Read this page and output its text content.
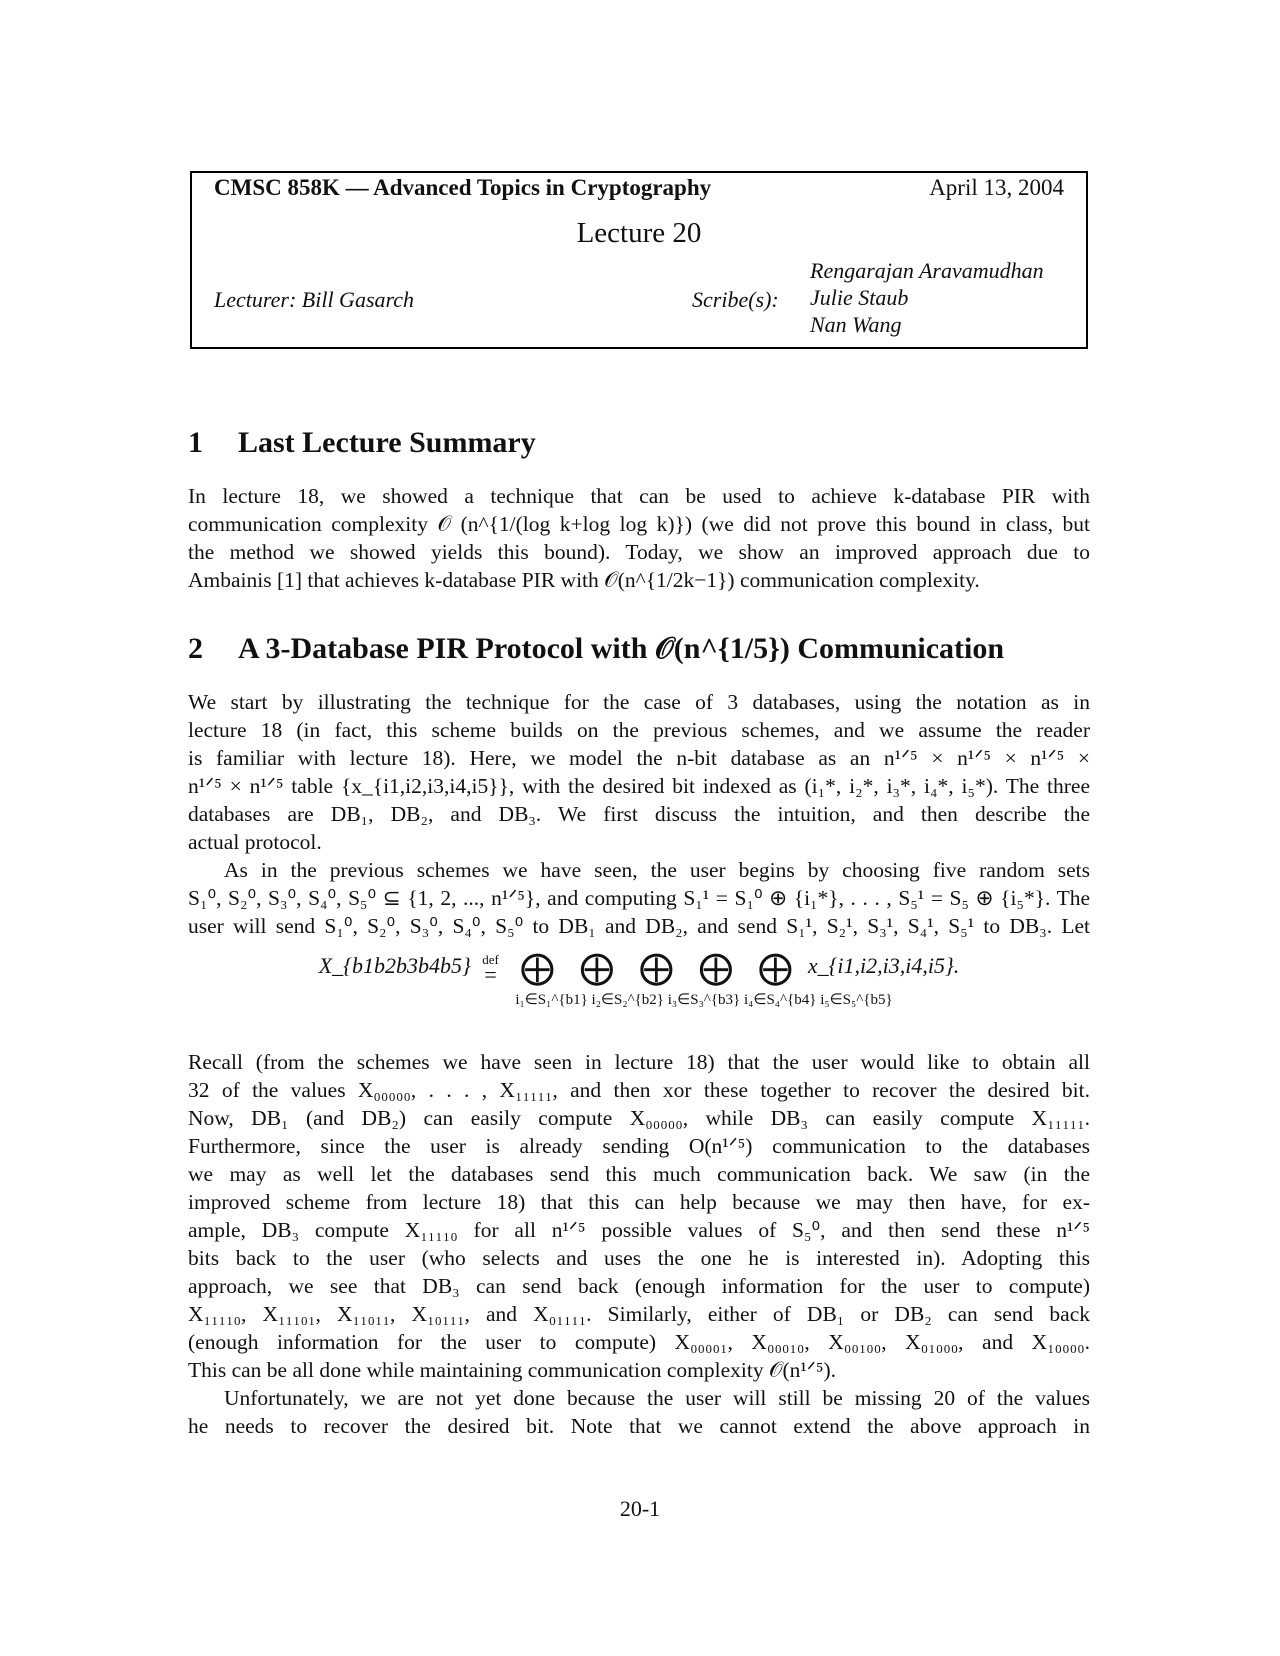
CMSC 858K — Advanced Topics in Cryptography	April 13, 2004
Lecture 20
Lecturer: Bill Gasarch	Scribe(s):
Rengarajan Aravamudhan
Julie Staub
Nan Wang
1 Last Lecture Summary
In lecture 18, we showed a technique that can be used to achieve k-database PIR with
communication complexity 𝒪 (n^{1/(log k+log log k)}) (we did not prove this bound in class, but
the method we showed yields this bound). Today, we show an improved approach due to
Ambainis [1] that achieves k-database PIR with 𝒪(n^{1/2k−1}) communication complexity.
2 A 3-Database PIR Protocol with 𝒪(n^{1/5}) Communication
We start by illustrating the technique for the case of 3 databases, using the notation as in
lecture 18 (in fact, this scheme builds on the previous schemes, and we assume the reader
is familiar with lecture 18). Here, we model the n-bit database as an n¹ᐟ⁵ × n¹ᐟ⁵ × n¹ᐟ⁵ ×
n¹ᐟ⁵ × n¹ᐟ⁵ table {x_{i1,i2,i3,i4,i5}}, with the desired bit indexed as (i₁*, i₂*, i₃*, i₄*, i₅*). The three
databases are DB₁, DB₂, and DB₃. We first discuss the intuition, and then describe the
actual protocol.
As in the previous schemes we have seen, the user begins by choosing five random sets
S₁⁰, S₂⁰, S₃⁰, S₄⁰, S₅⁰ ⊆ {1, 2, ..., n¹ᐟ⁵}, and computing S₁¹ = S₁⁰ ⊕ {i₁*}, . . . , S₅¹ = S₅ ⊕ {i₅*}. The
user will send S₁⁰, S₂⁰, S₃⁰, S₄⁰, S₅⁰ to DB₁ and DB₂, and send S₁¹, S₂¹, S₃¹, S₄¹, S₅¹ to DB₃. Let
X_{b1b2b3b4b5} def
= ⨁ ⨁ ⨁ ⨁ ⨁ x_{i1,i2,i3,i4,i5}.
i₁∈S₁^{b1} i₂∈S₂^{b2} i₃∈S₃^{b3} i₄∈S₄^{b4} i₅∈S₅^{b5}
Recall (from the schemes we have seen in lecture 18) that the user would like to obtain all
32 of the values X₀₀₀₀₀, . . . , X₁₁₁₁₁, and then xor these together to recover the desired bit.
Now, DB₁ (and DB₂) can easily compute X₀₀₀₀₀, while DB₃ can easily compute X₁₁₁₁₁.
Furthermore, since the user is already sending O(n¹ᐟ⁵) communication to the databases
we may as well let the databases send this much communication back. We saw (in the
improved scheme from lecture 18) that this can help because we may then have, for ex-
ample, DB₃ compute X₁₁₁₁₀ for all n¹ᐟ⁵ possible values of S₅⁰, and then send these n¹ᐟ⁵
bits back to the user (who selects and uses the one he is interested in). Adopting this
approach, we see that DB₃ can send back (enough information for the user to compute)
X₁₁₁₁₀, X₁₁₁₀₁, X₁₁₀₁₁, X₁₀₁₁₁, and X₀₁₁₁₁. Similarly, either of DB₁ or DB₂ can send back
(enough information for the user to compute) X₀₀₀₀₁, X₀₀₀₁₀, X₀₀₁₀₀, X₀₁₀₀₀, and X₁₀₀₀₀.
This can be all done while maintaining communication complexity 𝒪(n¹ᐟ⁵).
Unfortunately, we are not yet done because the user will still be missing 20 of the values
he needs to recover the desired bit. Note that we cannot extend the above approach in
20-1
